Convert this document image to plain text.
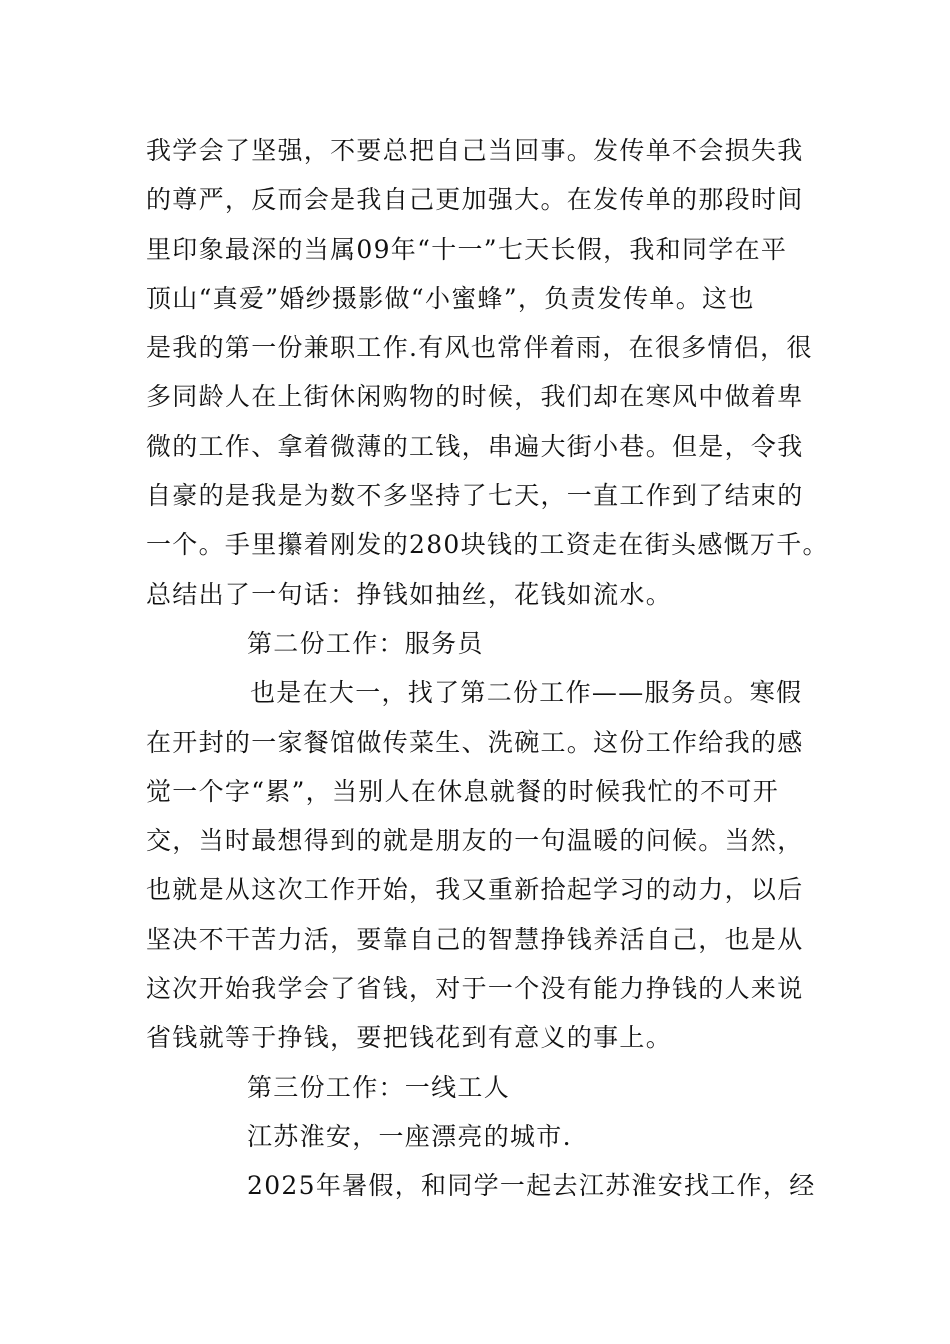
我学会了坚强，不要总把自己当回事。发传单不会损失我
的尊严，反而会是我自己更加强大。在发传单的那段时间
里印象最深的当属09年“十一”七天长假，我和同学在平
顶山“真爱”婚纱摄影做“小蜜蜂”，负责发传单。这也
是我的第一份兼职工作.有风也常伴着雨，在很多情侣，很
多同龄人在上街休闲购物的时候，我们却在寒风中做着卑
微的工作、拿着微薄的工钱，串遍大街小巷。但是，令我
自豪的是我是为数不多坚持了七天，一直工作到了结束的
一个。手里攥着刚发的280块钱的工资走在街头感慨万千。
总结出了一句话：挣钱如抽丝，花钱如流水。
第二份工作：服务员
也是在大一，找了第二份工作——服务员。寒假
在开封的一家餐馆做传菜生、洗碗工。这份工作给我的感
觉一个字“累”，当别人在休息就餐的时候我忙的不可开
交，当时最想得到的就是朋友的一句温暖的问候。当然，
也就是从这次工作开始，我又重新拾起学习的动力，以后
坚决不干苦力活，要靠自己的智慧挣钱养活自己，也是从
这次开始我学会了省钱，对于一个没有能力挣钱的人来说
省钱就等于挣钱，要把钱花到有意义的事上。
第三份工作：一线工人
江苏淮安，一座漂亮的城市.
2025年暑假，和同学一起去江苏淮安找工作，经
